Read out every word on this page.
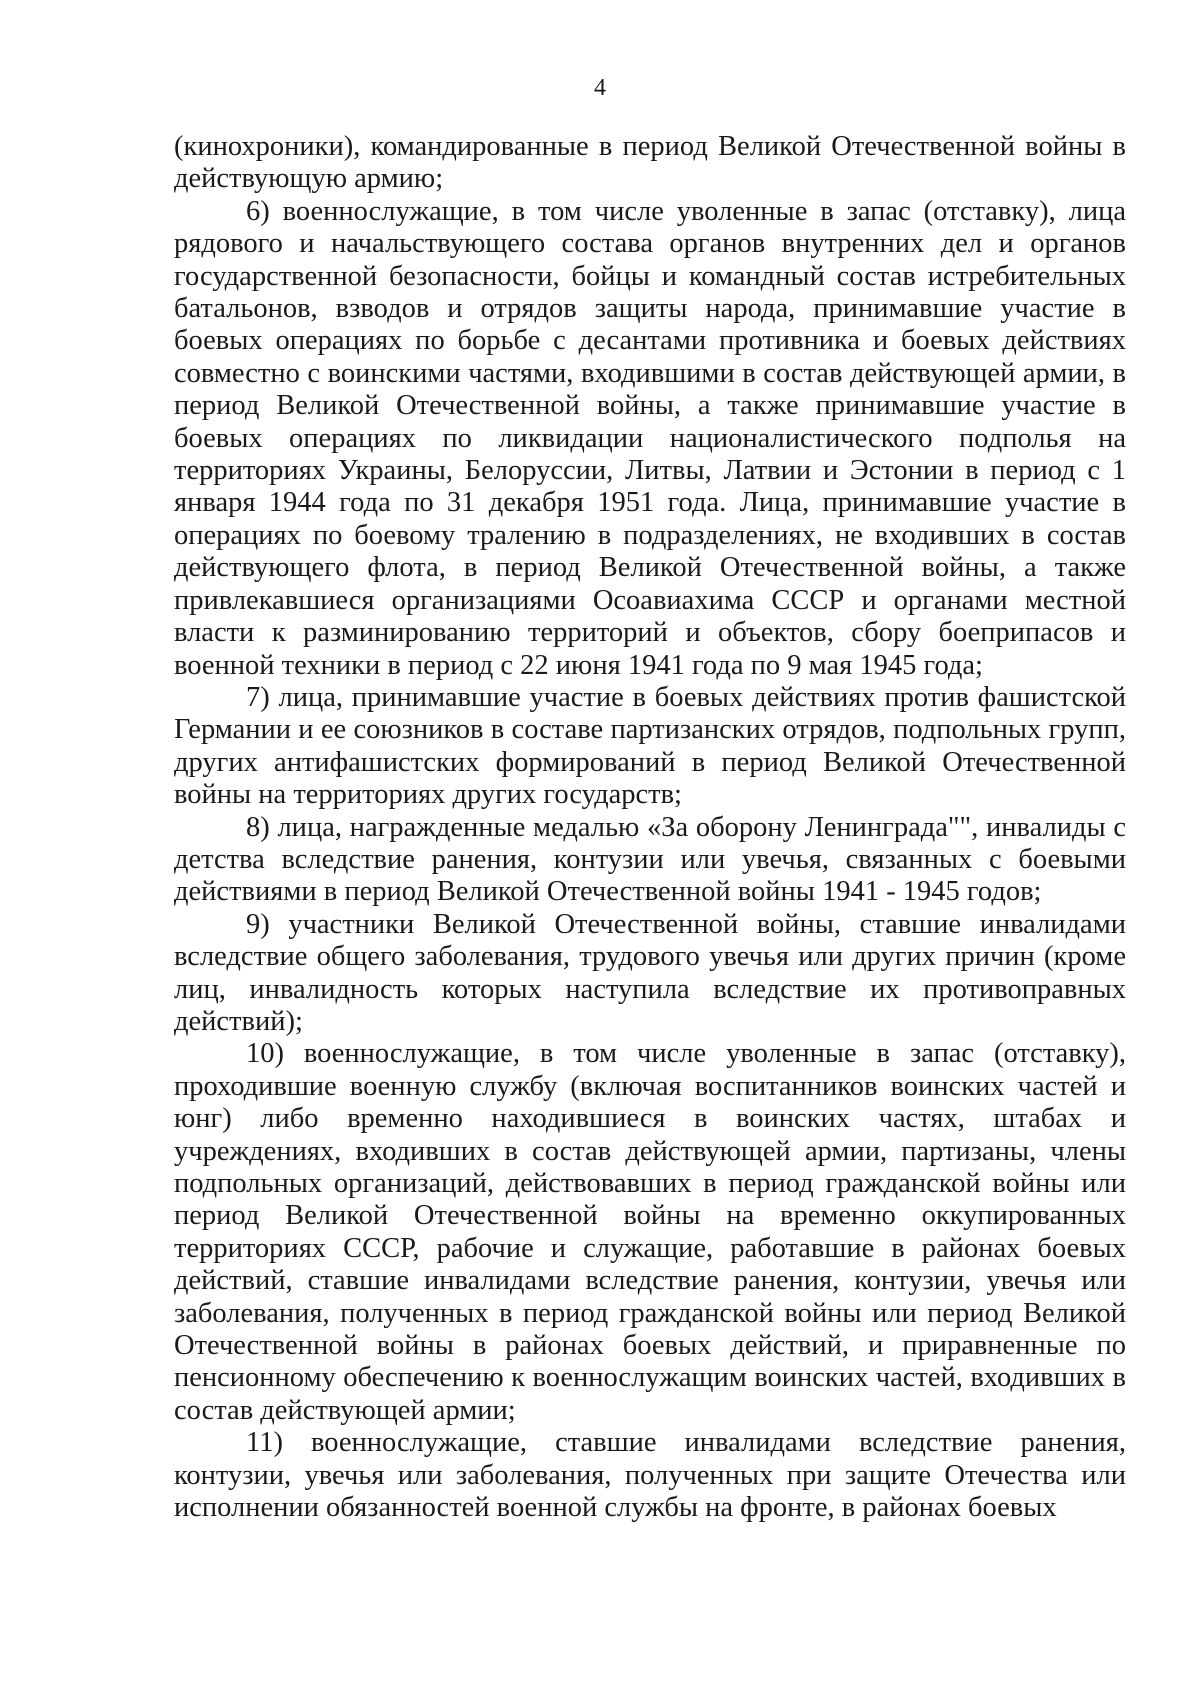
4

(кинохроники), командированные в период Великой Отечественной войны в действующую армию;

6) военнослужащие, в том числе уволенные в запас (отставку), лица рядового и начальствующего состава органов внутренних дел и органов государственной безопасности, бойцы и командный состав истребительных батальонов, взводов и отрядов защиты народа, принимавшие участие в боевых операциях по борьбе с десантами противника и боевых действиях совместно с воинскими частями, входившими в состав действующей армии, в период Великой Отечественной войны, а также принимавшие участие в боевых операциях по ликвидации националистического подполья на территориях Украины, Белоруссии, Литвы, Латвии и Эстонии в период с 1 января 1944 года по 31 декабря 1951 года. Лица, принимавшие участие в операциях по боевому тралению в подразделениях, не входивших в состав действующего флота, в период Великой Отечественной войны, а также привлекавшиеся организациями Осоавиахима СССР и органами местной власти к разминированию территорий и объектов, сбору боеприпасов и военной техники в период с 22 июня 1941 года по 9 мая 1945 года;

7) лица, принимавшие участие в боевых действиях против фашистской Германии и ее союзников в составе партизанских отрядов, подпольных групп, других антифашистских формирований в период Великой Отечественной войны на территориях других государств;

8) лица, награжденные медалью «За оборону Ленинграда"", инвалиды с детства вследствие ранения, контузии или увечья, связанных с боевыми действиями в период Великой Отечественной войны 1941 - 1945 годов;

9) участники Великой Отечественной войны, ставшие инвалидами вследствие общего заболевания, трудового увечья или других причин (кроме лиц, инвалидность которых наступила вследствие их противоправных действий);

10) военнослужащие, в том числе уволенные в запас (отставку), проходившие военную службу (включая воспитанников воинских частей и юнг) либо временно находившиеся в воинских частях, штабах и учреждениях, входивших в состав действующей армии, партизаны, члены подпольных организаций, действовавших в период гражданской войны или период Великой Отечественной войны на временно оккупированных территориях СССР, рабочие и служащие, работавшие в районах боевых действий, ставшие инвалидами вследствие ранения, контузии, увечья или заболевания, полученных в период гражданской войны или период Великой Отечественной войны в районах боевых действий, и приравненные по пенсионному обеспечению к военнослужащим воинских частей, входивших в состав действующей армии;

11) военнослужащие, ставшие инвалидами вследствие ранения, контузии, увечья или заболевания, полученных при защите Отечества или исполнении обязанностей военной службы на фронте, в районах боевых
